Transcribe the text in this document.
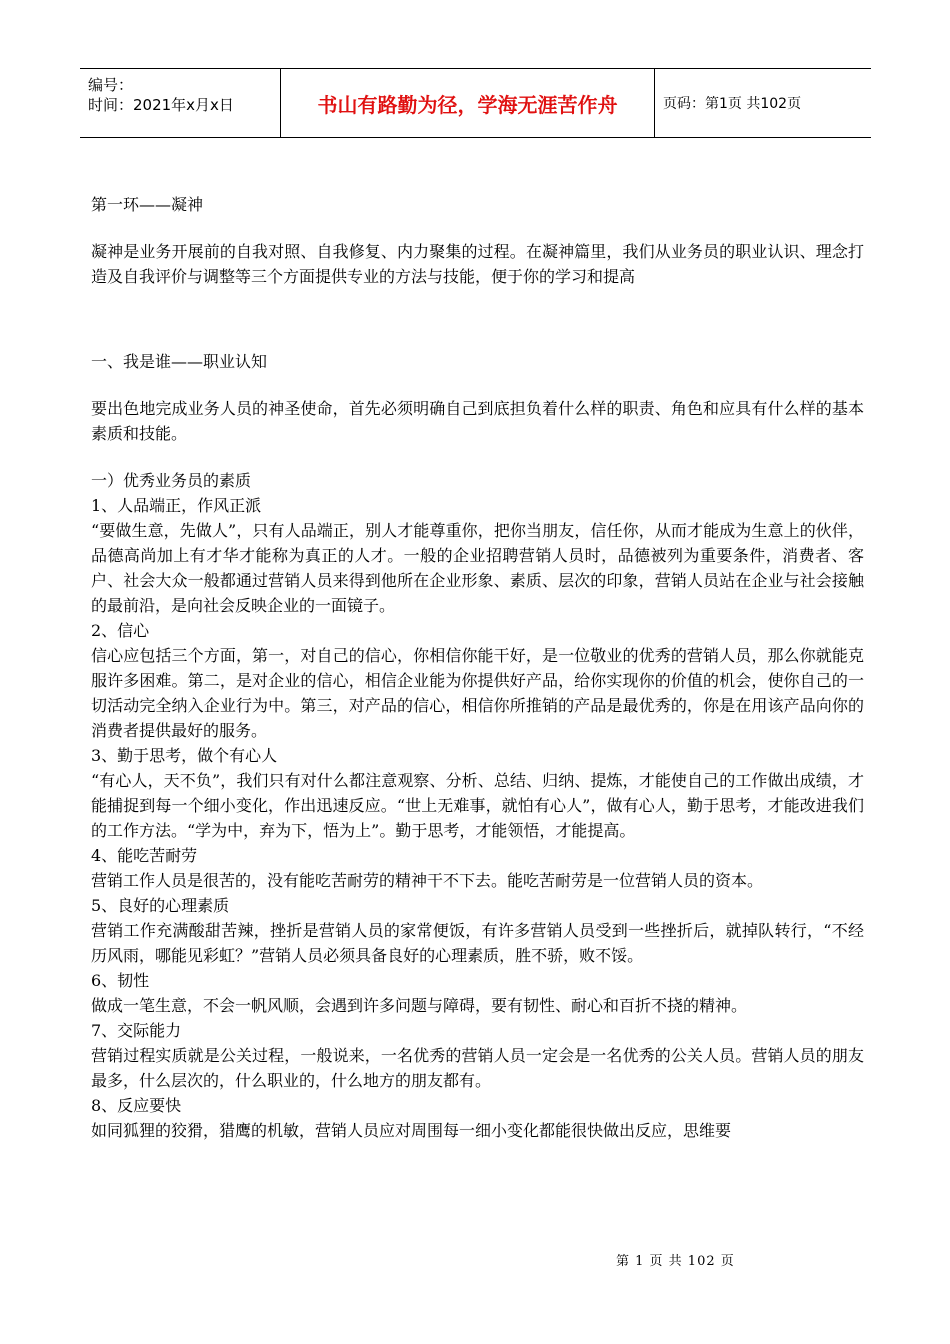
编号：
时间：2021年x月x日	书山有路勤为径，学海无涯苦作舟	页码：第1页 共102页

第一环——凝神

凝神是业务开展前的自我对照、自我修复、内力聚集的过程。在凝神篇里，我们从业务员的职业认识、理念打造及自我评价与调整等三个方面提供专业的方法与技能，便于你的学习和提高

一、我是谁——职业认知

要出色地完成业务人员的神圣使命，首先必须明确自己到底担负着什么样的职责、角色和应具有什么样的基本素质和技能。

一）优秀业务员的素质

1、人品端正，作风正派

“要做生意，先做人”，只有人品端正，别人才能尊重你，把你当朋友，信任你，从而才能成为生意上的伙伴，品德高尚加上有才华才能称为真正的人才。一般的企业招聘营销人员时，品德被列为重要条件，消费者、客户、社会大众一般都通过营销人员来得到他所在企业形象、素质、层次的印象，营销人员站在企业与社会接触的最前沿，是向社会反映企业的一面镜子。

2、信心

信心应包括三个方面，第一，对自己的信心，你相信你能干好，是一位敬业的优秀的营销人员，那么你就能克服许多困难。第二，是对企业的信心，相信企业能为你提供好产品，给你实现你的价值的机会，使你自己的一切活动完全纳入企业行为中。第三，对产品的信心，相信你所推销的产品是最优秀的，你是在用该产品向你的消费者提供最好的服务。

3、勤于思考，做个有心人

“有心人，天不负”，我们只有对什么都注意观察、分析、总结、归纳、提炼，才能使自己的工作做出成绩，才能捕捉到每一个细小变化，作出迅速反应。“世上无难事，就怕有心人”，做有心人，勤于思考，才能改进我们的工作方法。“学为中，弃为下，悟为上”。勤于思考，才能领悟，才能提高。

4、能吃苦耐劳

营销工作人员是很苦的，没有能吃苦耐劳的精神干不下去。能吃苦耐劳是一位营销人员的资本。

5、良好的心理素质

营销工作充满酸甜苦辣，挫折是营销人员的家常便饭，有许多营销人员受到一些挫折后，就掉队转行，“不经历风雨，哪能见彩虹？”营销人员必须具备良好的心理素质，胜不骄，败不馁。

6、韧性

做成一笔生意，不会一帆风顺，会遇到许多问题与障碍，要有韧性、耐心和百折不挠的精神。

7、交际能力

营销过程实质就是公关过程，一般说来，一名优秀的营销人员一定会是一名优秀的公关人员。营销人员的朋友最多，什么层次的，什么职业的，什么地方的朋友都有。

8、反应要快

如同狐狸的狡猾，猎鹰的机敏，营销人员应对周围每一细小变化都能很快做出反应，思维要

第 1 页 共 102 页
